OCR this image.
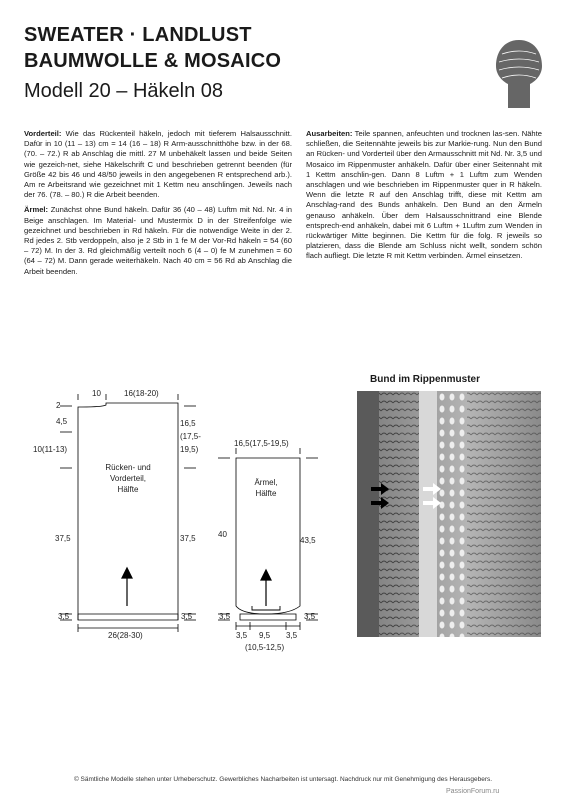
SWEATER · LANDLUST
BAUMWOLLE & MOSAICO
Modell 20 – Häkeln 08

Vorderteil: Wie das Rückenteil häkeln, jedoch mit tieferem Halsausschnitt. Dafür in 10 (11 – 13) cm = 14 (16 – 18) R Arm-ausschnitthöhe bzw. in der 68. (70. – 72.) R ab Anschlag die mittl. 27 M unbehäkelt lassen und beide Seiten wie gezeich-net, siehe Häkelschrift C und beschrieben getrennt beenden (für Größe 42 bis 46 und 48/50 jeweils in den angegebenen R entsprechend arb.). Am re Arbeitsrand wie gezeichnet mit 1 Kettm neu anschlingen. Jeweils nach der 76. (78. – 80.) R die Arbeit beenden.

Ärmel: Zunächst ohne Bund häkeln. Dafür 36 (40 – 48) Luftm mit Nd. Nr. 4 in Beige anschlagen. Im Material- und Mustermix D in der Streifenfolge wie gezeichnet und beschrieben in Rd häkeln. Für die notwendige Weite in der 2. Rd jedes 2. Stb verdoppeln, also je 2 Stb in 1 fe M der Vor-Rd häkeln = 54 (60 – 72) M. In der 3. Rd gleichmäßig verteilt noch 6 (4 – 0) fe M zunehmen = 60 (64 – 72) M. Dann gerade weiterhäkeln. Nach 40 cm = 56 Rd ab Anschlag die Arbeit beenden.

Ausarbeiten: Teile spannen, anfeuchten und trocknen las-sen. Nähte schließen, die Seitennähte jeweils bis zur Markie-rung. Nun den Bund an Rücken- und Vorderteil über den Armausschnitt mit Nd. Nr. 3,5 und Mosaico im Rippenmuster anhäkeln. Dafür über einer Seitennaht mit 1 Kettm anschlin-gen. Dann 8 Luftm + 1 Luftm zum Wenden anschlagen und wie beschrieben im Rippenmuster quer in R häkeln. Wenn die letzte R auf den Anschlag trifft, diese mit Kettm am Anschlag-rand des Bunds anhäkeln. Den Bund an den Ärmeln genauso anhäkeln. Über dem Halsausschnittrand eine Blende entsprech-end anhäkeln, dabei mit 6 Luftm + 1Luftm zum Wenden in rückwärtiger Mitte beginnen. Die Kettm für die folg. R jeweils so platzieren, dass die Blende am Schluss nicht wellt, sondern schön flach aufliegt. Die letzte R mit Kettm verbinden. Ärmel einsetzen.

10	16(18-20)
2
4,5
10(11-13)
37,5
3,5
16,5
(17,5-
19,5)
37,5
3,5
26(28-30)
Rücken- und
Vorderteil,
Hälfte
16,5(17,5-19,5)
Ärmel,
Hälfte
40
43,5
3,5	3,5
3,5 9,5 3,5
(10,5-12,5)
Bund im Rippenmuster
© Sämtliche Modelle stehen unter Urheberschutz. Gewerbliches Nacharbeiten ist untersagt. Nachdruck nur mit Genehmigung des Herausgebers.
PassionForum.ru
